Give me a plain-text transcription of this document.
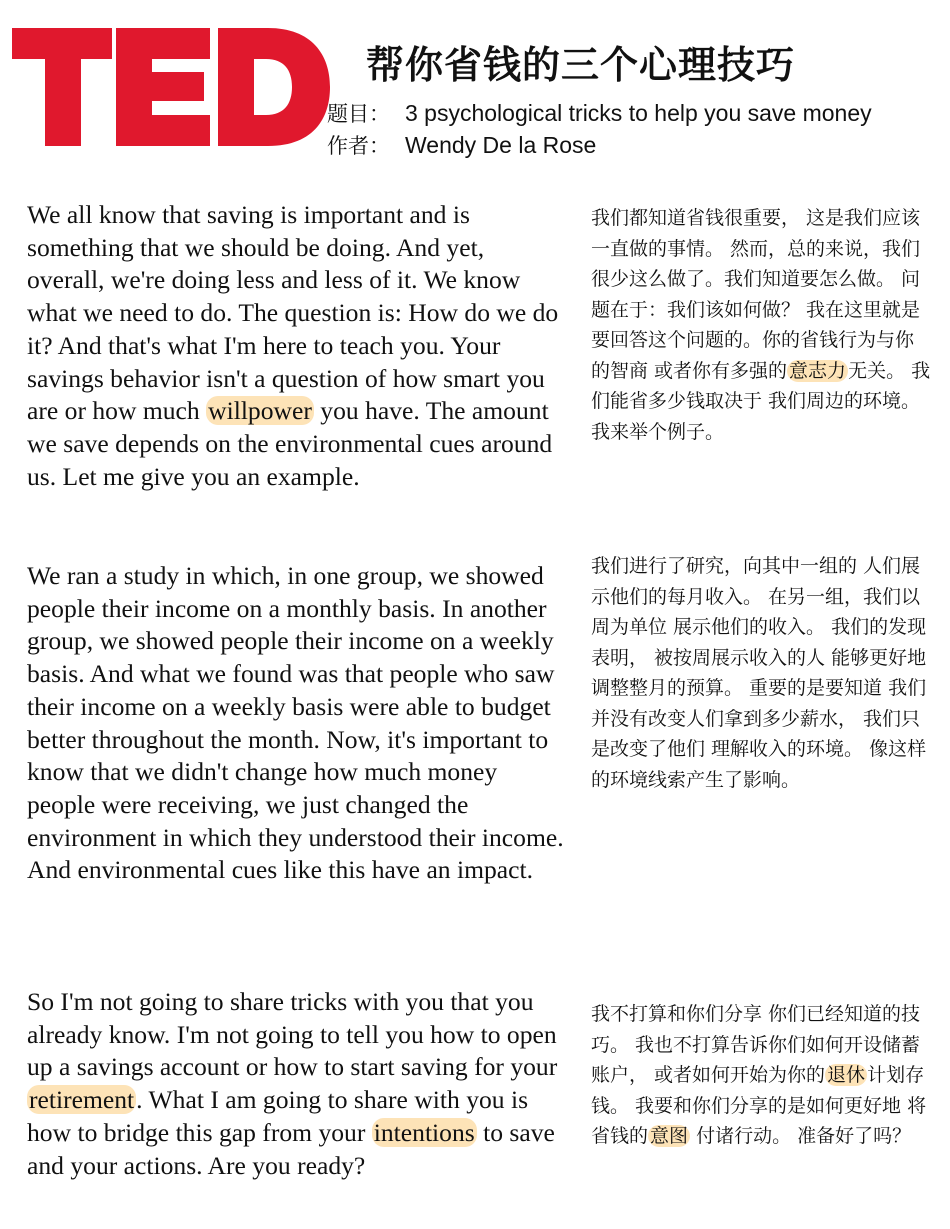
帮你省钱的三个心理技巧
题目： 3 psychological tricks to help you save money
作者： Wendy De la Rose
We all know that saving is important and is something that we should be doing. And yet, overall, we're doing less and less of it. We know what we need to do. The question is: How do we do it? And that's what I'm here to teach you. Your savings behavior isn't a question of how smart you are or how much willpower you have. The amount we save depends on the environmental cues around us. Let me give you an example.
我们都知道省钱很重要， 这是我们应该一直做的事情。 然而，总的来说，我们很少这么做了。我们知道要怎么做。 问题在于：我们该如何做？ 我在这里就是要回答这个问题的。你的省钱行为与你的智商 或者你有多强的 意志力 无关。 我们能省多少钱取决于 我们周边的环境。 我来举个例子。
We ran a study in which, in one group, we showed people their income on a monthly basis. In another group, we showed people their income on a weekly basis. And what we found was that people who saw their income on a weekly basis were able to budget better throughout the month. Now, it's important to know that we didn't change how much money people were receiving, we just changed the environment in which they understood their income. And environmental cues like this have an impact.
我们进行了研究，向其中一组的 人们展示他们的每月收入。 在另一组，我们以周为单位 展示他们的收入。 我们的发现表明， 被按周展示收入的人 能够更好地调整整月的预算。 重要的是要知道 我们并没有改变人们拿到多少薪水， 我们只是改变了他们 理解收入的环境。 像这样的环境线索产生了影响。
So I'm not going to share tricks with you that you already know. I'm not going to tell you how to open up a savings account or how to start saving for your retirement. What I am going to share with you is how to bridge this gap from your intentions to save and your actions. Are you ready?
我不打算和你们分享 你们已经知道的技巧。 我也不打算告诉你们如何开设储蓄账户， 或者如何开始为你的 退休 计划存钱。 我要和你们分享的是如何更好地 将省钱的 意图 付诸行动。 准备好了吗？
